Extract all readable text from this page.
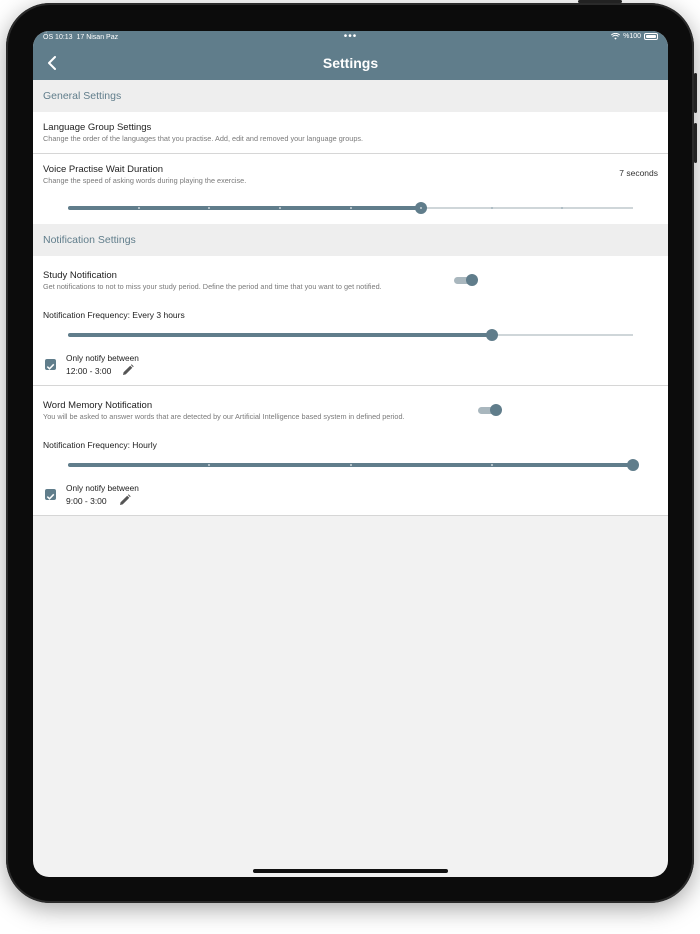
ÖS 10:13 17 Nisan Paz	•••	%100
Settings
General Settings
Language Group Settings
Change the order of the languages that you practise. Add, edit and removed your language groups.
Voice Practise Wait Duration
Change the speed of asking words during playing the exercise.
7 seconds
Notification Settings
Study Notification
Get notifications to not to miss your study period. Define the period and time that you want to get notified.
Notification Frequency: Every 3 hours
Only notify between
12:00 - 3:00
Word Memory Notification
You will be asked to answer words that are detected by our Artificial Intelligence based system in defined period.
Notification Frequency: Hourly
Only notify between
9:00 - 3:00
